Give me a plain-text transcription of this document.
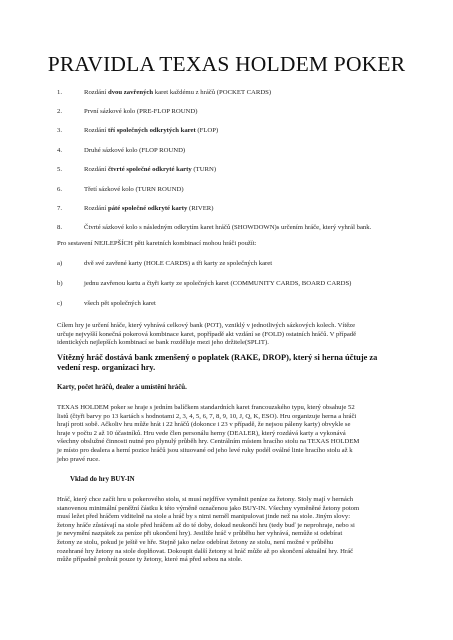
PRAVIDLA TEXAS HOLDEM POKER
1.	Rozdání dvou zavřených karet každému z hráčů (POCKET CARDS)
2.	První sázkové kolo (PRE-FLOP ROUND)
3.	Rozdání tří společných odkrytých karet (FLOP)
4.	Druhé sázkové kolo (FLOP ROUND)
5.	Rozdání čtvrté společné odkryté karty (TURN)
6.	Třetí sázkové kolo (TURN ROUND)
7.	Rozdání páté společné odkryté karty (RIVER)
8.	Čtvrté sázkové kolo s následným odkrytím karet hráčů (SHOWDOWN)s určením hráče, který vyhrál bank.
Pro sestavení NEJLEPŠÍCH pěti karetních kombinací mohou hráči použít:
a)	dvě své zavřené karty (HOLE CARDS) a tři karty ze společných karet
b)	jednu zavřenou kartu a čtyři karty ze společných karet (COMMUNITY CARDS, BOARD CARDS)
c)	všech pět společných karet
Cílem hry je určení hráče, který vyhrává celkový bank (POT), vzniklý v jednotlivých sázkových kolech. Vítěze
určuje nejvyšší konečná pokerová kombinace karet, popřípadě akt vzdání se (FOLD) ostatních hráčů. V případě
identických nejlepších kombinací se bank rozděluje mezi jeho držitele(SPLIT).
Vítězný hráč dostává bank zmenšený o poplatek (RAKE, DROP), který si herna účtuje za
vedení resp. organizaci hry.
Karty, počet hráčů, dealer a umístění hráčů.
TEXAS HOLDEM poker se hraje s jedním balíčkem standardních karet francouzského typu, který obsahuje 52
listů (čtyři barvy po 13 kartách s hodnotami 2, 3, 4, 5, 6, 7, 8, 9, 10, J, Q, K, ESO). Hru organizuje herna a hráči
hrají proti sobě. Ačkoliv hru může hrát i 22 hráčů (dokonce i 23 v případě, že nejsou páleny karty) obvykle se
hraje v počtu 2 až 10 účastníků. Hru vede člen personálu herny (DEALER), který rozdává karty a vykonává
všechny obslužné činnosti nutné pro plynulý průběh hry. Centrálním místem hracího stolu na TEXAS HOLDEM
je místo pro dealera a herní pozice hráčů jsou situované od jeho levé ruky podél oválné linie hracího stolu až k
jeho pravé ruce.
Vklad do hry BUY-IN
Hráč, který chce začít hru u pokerového stolu, si musí nejdříve vyměnit peníze za žetony. Stoly mají v hernách
stanovenou minimální peněžní částku k této výměně označenou jako BUY-IN. Všechny vyměněné žetony potom
musí ležet před hráčem viditelně na stole a hráč by s nimi neměl manipulovat jinde než na stole. Jiným slovy:
žetony hráče zůstávají na stole před hráčem až do té doby, dokud neukončí hru (tedy buď je neprohraje, nebo si
je nevymění nazpátek za peníze při ukončení hry). Jestliže hráč v průběhu her vyhrává, nemůže si odebírat
žetony ze stolu, pokud je ještě ve hře. Stejně jako nelze odebírat žetony ze stolu, není možné v průběhu
rozehrané hry žetony na stole doplňovat. Dokoupit další žetony si hráč může až po skončení aktuální hry. Hráč
může případně prohrát pouze ty žetony, které má před sebou na stole.
